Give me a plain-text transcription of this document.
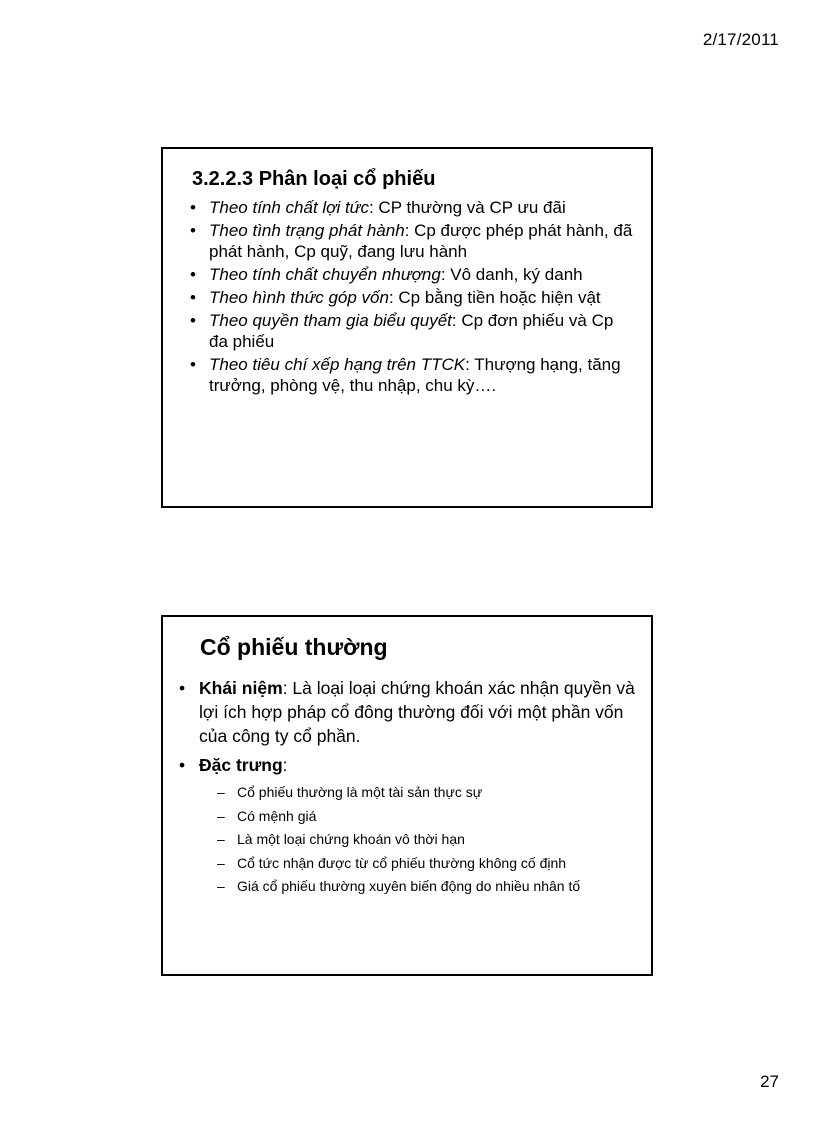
2/17/2011
3.2.2.3 Phân loại cổ phiếu
• Theo tính chất lợi tức: CP thường và CP ưu đãi
• Theo tình trạng phát hành: Cp được phép phát hành, đã phát hành, Cp quỹ, đang lưu hành
• Theo tính chất chuyển nhượng: Vô danh, ký danh
• Theo hình thức góp vốn: Cp bằng tiền hoặc hiện vật
• Theo quyền tham gia biểu quyết: Cp đơn phiếu và Cp đa phiếu
• Theo tiêu chí xếp hạng trên TTCK: Thượng hạng, tăng trưởng, phòng vệ, thu nhập, chu kỳ….
Cổ phiếu thường
• Khái niệm: Là loại loại chứng khoán xác nhận quyền và lợi ích hợp pháp cổ đông thường đối với một phần vốn của công ty cổ phần.
• Đặc trưng:
– Cổ phiếu thường là một tài sản thực sự
– Có mệnh giá
– Là một loại chứng khoán vô thời hạn
– Cổ tức nhận được từ cổ phiếu thường không cố định
– Giá cổ phiếu thường xuyên biến động do nhiều nhân tố
27
